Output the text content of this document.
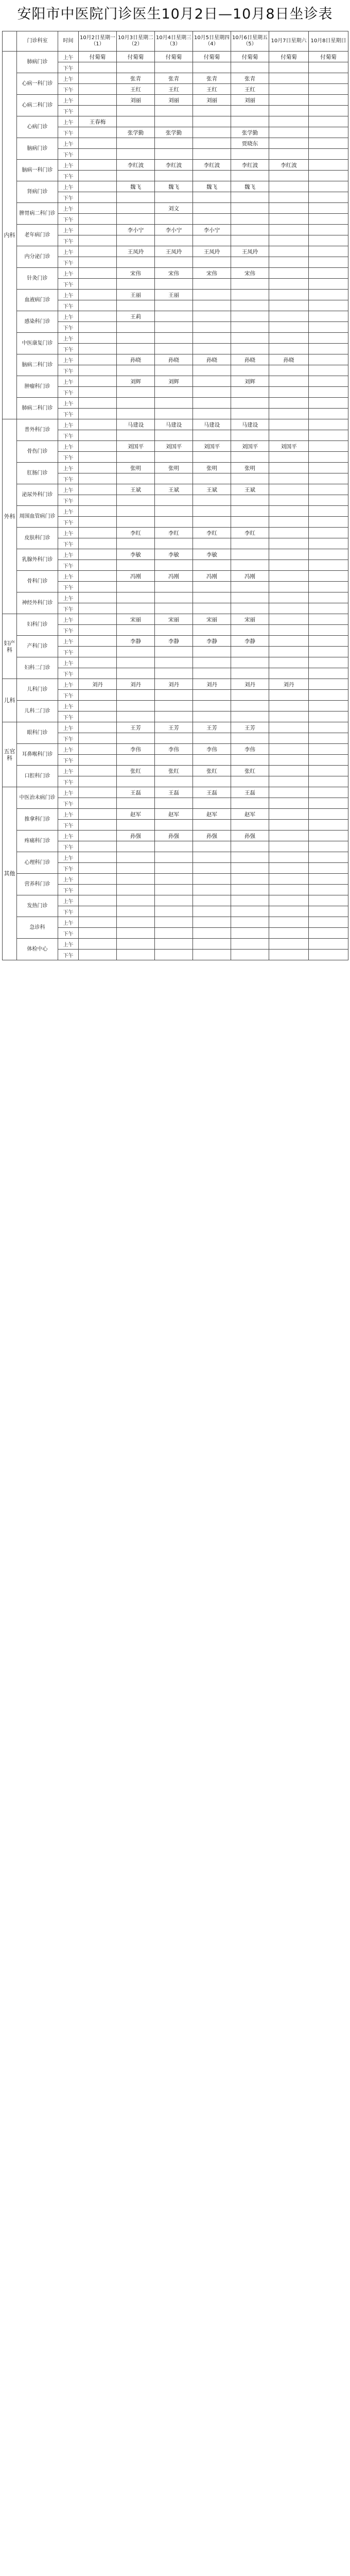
安阳市中医院门诊医生10月2日—10月8日坐诊表
	门诊科室	时间	10月2日星期一（1）	10月3日星期二（2）	10月4日星期三（3）	10月5日星期四（4）	10月6日星期五（5）	10月7日星期六	10月8日星期日
内科	肺病门诊	上午	付菊菊	付菊菊	付菊菊	付菊菊	付菊菊	付菊菊	付菊菊
		下午							
	心病一科门诊	上午		张青	张青	张青	张青		
		下午		王红	王红	王红	王红		
	心病二科门诊	上午		刘丽	刘丽	刘丽	刘丽		
		下午							
	心病门诊	上午	王春梅						
		下午		张学勤	张学勤		张学勤		
	脑病门诊	上午					贾晓东		
		下午							
	脑病一科门诊	上午		李红波	李红波	李红波	李红波	李红波	
		下午							
	肾病门诊	上午		魏飞	魏飞	魏飞	魏飞		
		下午							
	脾胃病二科门诊	上午			刘文				
		下午							
	老年病门诊	上午		李小宁	李小宁	李小宁			
		下午							
	内分泌门诊	上午		王凤玲	王凤玲	王凤玲	王凤玲		
		下午							
	针灸门诊	上午		宋伟	宋伟	宋伟	宋伟		
		下午							
	血液病门诊	上午		王丽	王丽				
		下午							
	感染科门诊	上午		王莉					
		下午							
	中医康复门诊	上午							
		下午							
	脑病二科门诊	上午		孙晓	孙晓	孙晓	孙晓	孙晓	
		下午							
	肿瘤科门诊	上午		刘辉	刘辉		刘辉		
		下午							
	肺病二科门诊	上午							
		下午							
外科	普外科门诊	上午		马建设	马建设	马建设	马建设		
		下午							
	骨伤门诊	上午		刘国平	刘国平	刘国平	刘国平	刘国平	
		下午							
	肛肠门诊	上午		张明	张明	张明	张明		
		下午							
	泌尿外科门诊	上午		王斌	王斌	王斌	王斌		
		下午							
	周围血管病门诊	上午							
		下午							
	皮肤科门诊	上午		李红	李红	李红	李红		
		下午							
	乳腺外科门诊	上午		李敏	李敏	李敏			
		下午							
	骨科门诊	上午		冯刚	冯刚	冯刚	冯刚		
		下午							
	神经外科门诊	上午							
		下午							
妇产科	妇科门诊	上午		宋丽	宋丽	宋丽	宋丽		
		下午							
	产科门诊	上午		李静	李静	李静	李静		
		下午							
	妇科二门诊	上午							
		下午							
儿科	儿科门诊	上午	刘丹	刘丹	刘丹	刘丹	刘丹	刘丹	
		下午							
	儿科二门诊	上午							
		下午							
五官科	眼科门诊	上午		王芳	王芳	王芳	王芳		
		下午							
	耳鼻喉科门诊	上午		李伟	李伟	李伟	李伟		
		下午							
	口腔科门诊	上午		张红	张红	张红	张红		
		下午							
其他	中医治未病门诊	上午		王磊	王磊	王磊	王磊		
		下午							
	推拿科门诊	上午		赵军	赵军	赵军	赵军		
		下午							
	疼痛科门诊	上午		孙强	孙强	孙强	孙强		
		下午							
	心理科门诊	上午							
		下午							
	营养科门诊	上午							
		下午							
	发热门诊	上午							
		下午							
	急诊科	上午							
		下午							
	体检中心	上午							
		下午							
